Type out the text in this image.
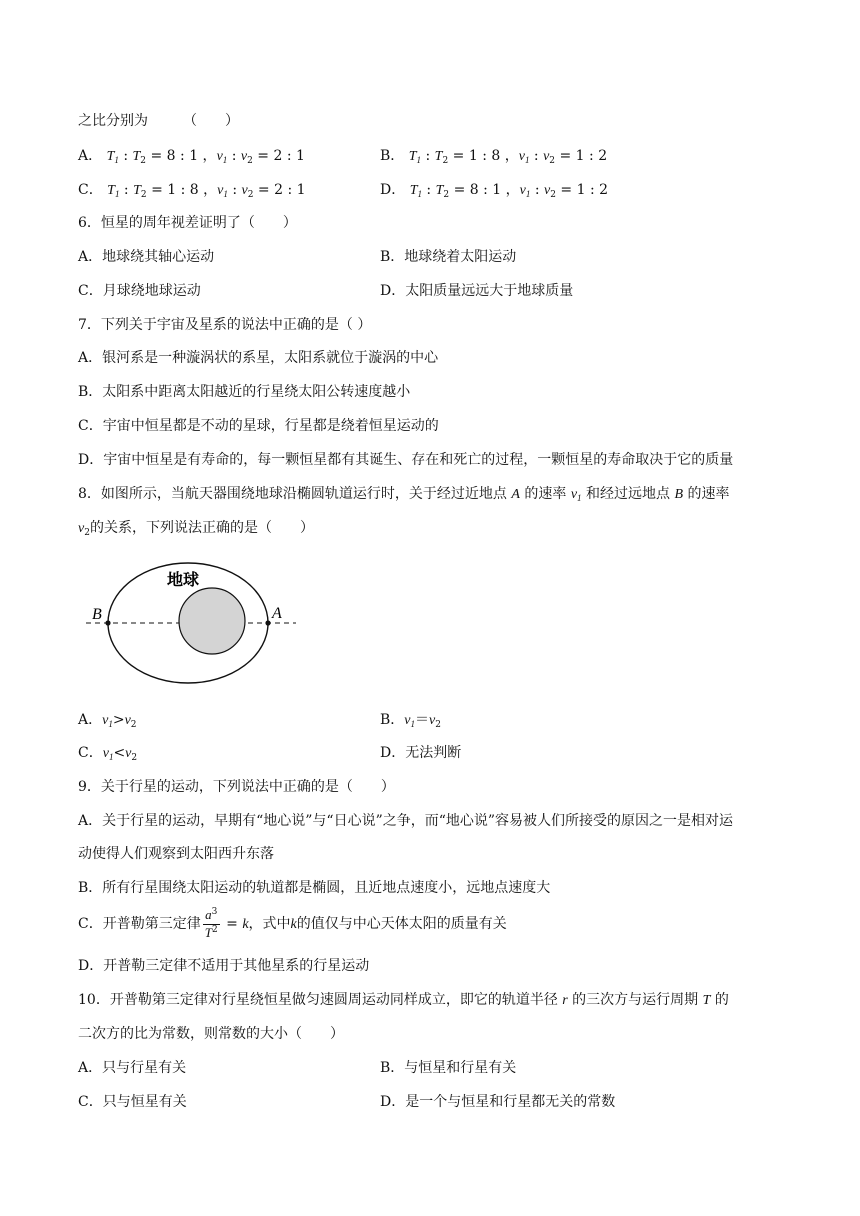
之比分别为　　　（　　）
A． $T_1$ : $T_2 = 8$ : 1 ，$v_1$ : $v_2 = 2$ : 1	B． $T_1$ : $T_2 = 1$ : 8 ，$v_1$ : $v_2 = 1$ : 2
C． $T_1$ : $T_2 = 1$ : 8 ，$v_1$ : $v_2 = 2$ : 1	D． $T_1$ : $T_2 = 8$ : 1 ，$v_1$ : $v_2 = 1$ : 2
6．恒星的周年视差证明了（　　）
A．地球绕其轴心运动	B．地球绕着太阳运动
C．月球绕地球运动	D．太阳质量远远大于地球质量
7．下列关于宇宙及星系的说法中正确的是（ ）
A．银河系是一种漩涡状的系星，太阳系就位于漩涡的中心
B．太阳系中距离太阳越近的行星绕太阳公转速度越小
C．宇宙中恒星都是不动的星球，行星都是绕着恒星运动的
D．宇宙中恒星是有寿命的，每一颗恒星都有其诞生、存在和死亡的过程，一颗恒星的寿命取决于它的质量
8．如图所示，当航天器围绕地球沿椭圆轨道运行时，关于经过近地点 A 的速率 $v_1$ 和经过远地点 B 的速率
$v_2$的关系，下列说法正确的是（　　）
B	A
地球
A．$v_1>v_2$	B．$v_1=v_2$
C．$v_1<v_2$	D．无法判断
9．关于行星的运动，下列说法中正确的是（　　）
A．关于行星的运动，早期有“地心说”与“日心说”之争，而“地心说”容易被人们所接受的原因之一是相对运
动使得人们观察到太阳西升东落
B．所有行星围绕太阳运动的轨道都是椭圆，且近地点速度小，远地点速度大
C．开普勒第三定律 $\frac{a^3}{T^2} = k$，式中k的值仅与中心天体太阳的质量有关
D．开普勒三定律不适用于其他星系的行星运动
10．开普勒第三定律对行星绕恒星做匀速圆周运动同样成立，即它的轨道半径 r 的三次方与运行周期 T 的
二次方的比为常数，则常数的大小（　　）
A．只与行星有关	B．与恒星和行星有关
C．只与恒星有关	D．是一个与恒星和行星都无关的常数
